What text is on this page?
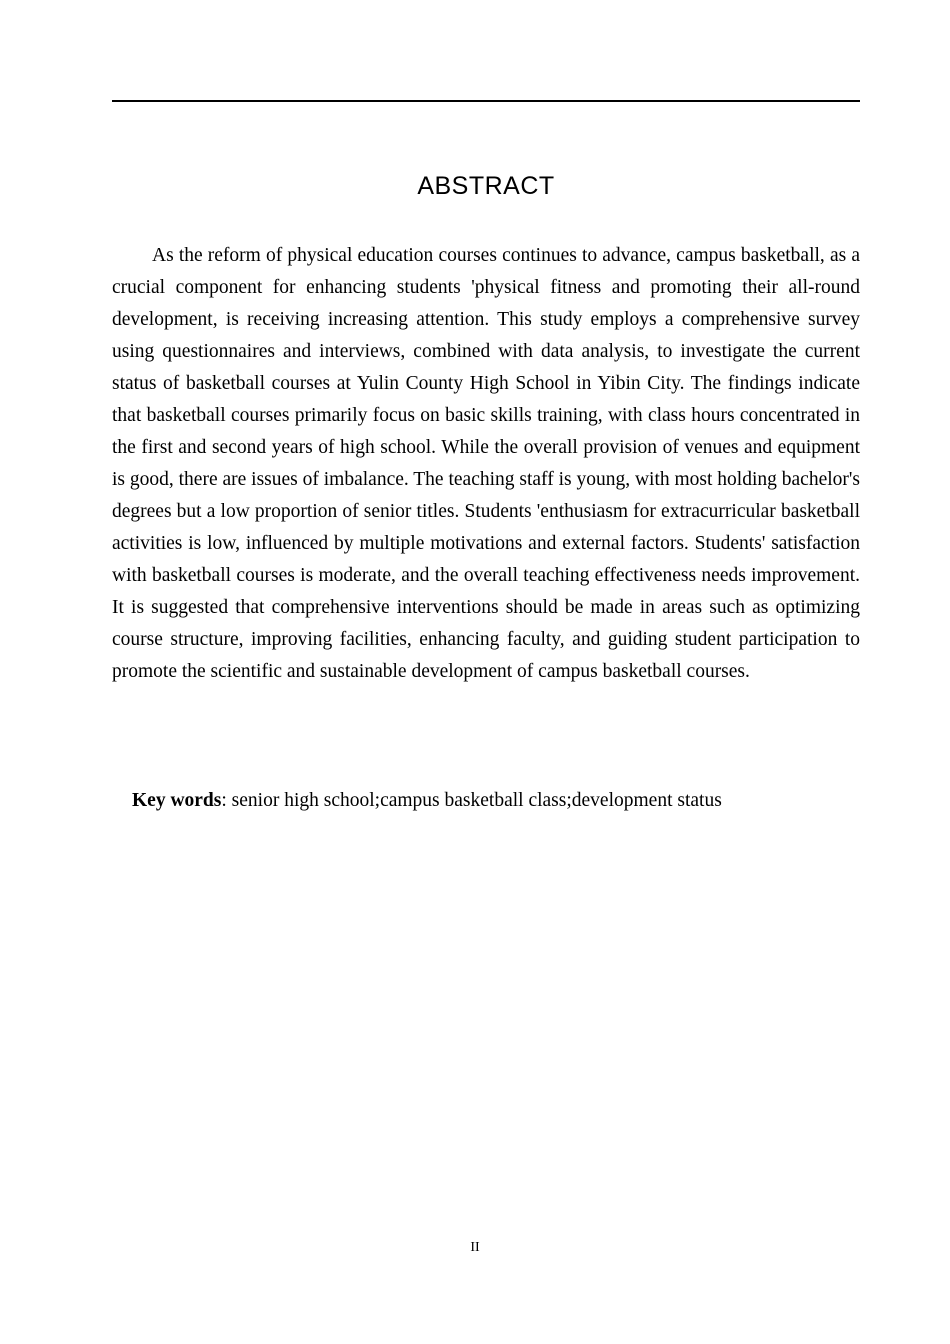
ABSTRACT
As the reform of physical education courses continues to advance, campus basketball, as a crucial component for enhancing students 'physical fitness and promoting their all-round development, is receiving increasing attention. This study employs a comprehensive survey using questionnaires and interviews, combined with data analysis, to investigate the current status of basketball courses at Yulin County High School in Yibin City. The findings indicate that basketball courses primarily focus on basic skills training, with class hours concentrated in the first and second years of high school. While the overall provision of venues and equipment is good, there are issues of imbalance. The teaching staff is young, with most holding bachelor's degrees but a low proportion of senior titles. Students 'enthusiasm for extracurricular basketball activities is low, influenced by multiple motivations and external factors. Students' satisfaction with basketball courses is moderate, and the overall teaching effectiveness needs improvement. It is suggested that comprehensive interventions should be made in areas such as optimizing course structure, improving facilities, enhancing faculty, and guiding student participation to promote the scientific and sustainable development of campus basketball courses.
Key words: senior high school;campus basketball class;development status
II
